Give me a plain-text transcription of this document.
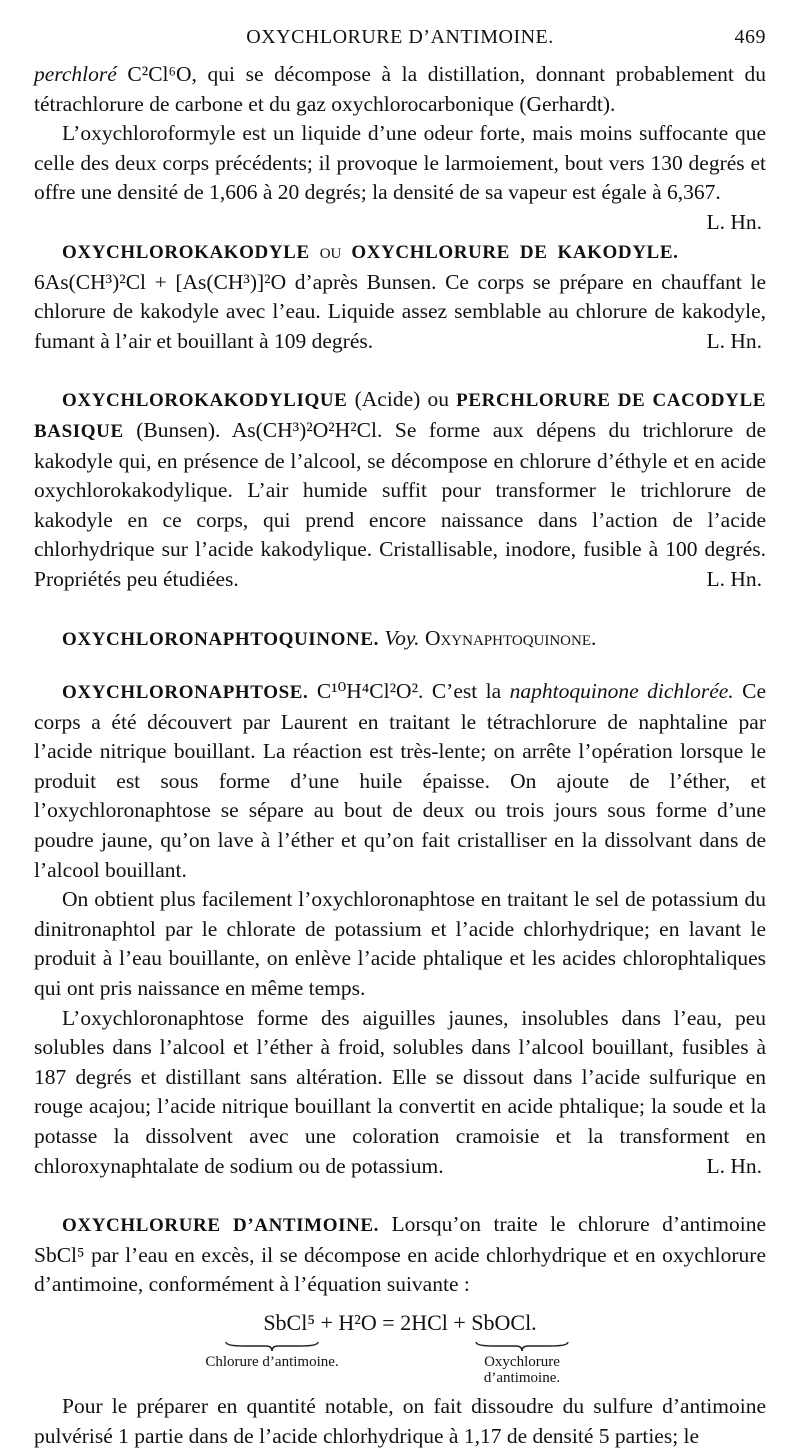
OXYCHLORURE D’ANTIMOINE.	469

perchloré C²Cl⁶O, qui se décompose à la distillation, donnant probablement du tétrachlorure de carbone et du gaz oxychlorocarbonique (Gerhardt).

L’oxychloroformyle est un liquide d’une odeur forte, mais moins suffocante que celle des deux corps précédents; il provoque le larmoiement, bout vers 130 degrés et offre une densité de 1,606 à 20 degrés; la densité de sa vapeur est égale à 6,367.
L. Hn.

OXYCHLOROKAKODYLE ou OXYCHLORURE DE KAKODYLE. 6As(CH³)²Cl + [As(CH³)]²O d’après Bunsen. Ce corps se prépare en chauffant le chlorure de kakodyle avec l’eau. Liquide assez semblable au chlorure de kakodyle, fumant à l’air et bouillant à 109 degrés.	L. Hn.

OXYCHLOROKAKODYLIQUE (Acide) ou PERCHLORURE DE CACODYLE BASIQUE (Bunsen). As(CH³)²O²H²Cl. Se forme aux dépens du trichlorure de kakodyle qui, en présence de l’alcool, se décompose en chlorure d’éthyle et en acide oxychlorokakodylique. L’air humide suffit pour transformer le trichlorure de kakodyle en ce corps, qui prend encore naissance dans l’action de l’acide chlorhydrique sur l’acide kakodylique. Cristallisable, inodore, fusible à 100 degrés. Propriétés peu étudiées.	L. Hn.

OXYCHLORONAPHTOQUINONE. Voy. Oxynaphtoquinone.

OXYCHLORONAPHTOSE. C¹⁰H⁴Cl²O². C’est la naphtoquinone dichlorée. Ce corps a été découvert par Laurent en traitant le tétrachlorure de naphtaline par l’acide nitrique bouillant. La réaction est très-lente; on arrête l’opération lorsque le produit est sous forme d’une huile épaisse. On ajoute de l’éther, et l’oxychloronaphtose se sépare au bout de deux ou trois jours sous forme d’une poudre jaune, qu’on lave à l’éther et qu’on fait cristalliser en la dissolvant dans de l’alcool bouillant.

On obtient plus facilement l’oxychloronaphtose en traitant le sel de potassium du dinitronaphtol par le chlorate de potassium et l’acide chlorhydrique; en lavant le produit à l’eau bouillante, on enlève l’acide phtalique et les acides chlorophtaliques qui ont pris naissance en même temps.

L’oxychloronaphtose forme des aiguilles jaunes, insolubles dans l’eau, peu solubles dans l’alcool et l’éther à froid, solubles dans l’alcool bouillant, fusibles à 187 degrés et distillant sans altération. Elle se dissout dans l’acide sulfurique en rouge acajou; l’acide nitrique bouillant la convertit en acide phtalique; la soude et la potasse la dissolvent avec une coloration cramoisie et la transforment en chloroxynaphtalate de sodium ou de potassium.	L. Hn.

OXYCHLORURE D’ANTIMOINE. Lorsqu’on traite le chlorure d’antimoine SbCl⁵ par l’eau en excès, il se décompose en acide chlorhydrique et en oxychlorure d’antimoine, conformément à l’équation suivante :

SbCl⁵ + H²O = 2HCl + SbOCl.
Chlorure d’antimoine.	Oxychlorure d’antimoine.

Pour le préparer en quantité notable, on fait dissoudre du sulfure d’antimoine pulvérisé 1 partie dans de l’acide chlorhydrique à 1,17 de densité 5 parties; le
